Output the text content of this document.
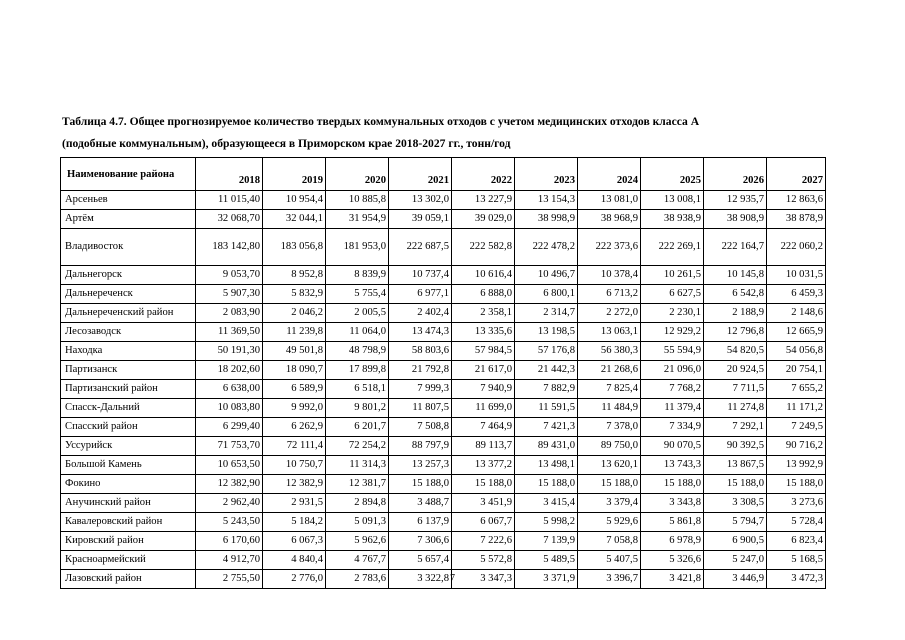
Таблица 4.7. Общее прогнозируемое количество твердых коммунальных отходов с учетом медицинских отходов класса А
(подобные коммунальным), образующееся в Приморском крае 2018-2027 гг., тонн/год
Наименование района	2018	2019	2020	2021	2022	2023	2024	2025	2026	2027
Арсеньев	11 015,40	10 954,4	10 885,8	13 302,0	13 227,9	13 154,3	13 081,0	13 008,1	12 935,7	12 863,6
Артём	32 068,70	32 044,1	31 954,9	39 059,1	39 029,0	38 998,9	38 968,9	38 938,9	38 908,9	38 878,9
Владивосток	183 142,80	183 056,8	181 953,0	222 687,5	222 582,8	222 478,2	222 373,6	222 269,1	222 164,7	222 060,2
Дальнегорск	9 053,70	8 952,8	8 839,9	10 737,4	10 616,4	10 496,7	10 378,4	10 261,5	10 145,8	10 031,5
Дальнереченск	5 907,30	5 832,9	5 755,4	6 977,1	6 888,0	6 800,1	6 713,2	6 627,5	6 542,8	6 459,3
Дальнереченский район	2 083,90	2 046,2	2 005,5	2 402,4	2 358,1	2 314,7	2 272,0	2 230,1	2 188,9	2 148,6
Лесозаводск	11 369,50	11 239,8	11 064,0	13 474,3	13 335,6	13 198,5	13 063,1	12 929,2	12 796,8	12 665,9
Находка	50 191,30	49 501,8	48 798,9	58 803,6	57 984,5	57 176,8	56 380,3	55 594,9	54 820,5	54 056,8
Партизанск	18 202,60	18 090,7	17 899,8	21 792,8	21 617,0	21 442,3	21 268,6	21 096,0	20 924,5	20 754,1
Партизанский район	6 638,00	6 589,9	6 518,1	7 999,3	7 940,9	7 882,9	7 825,4	7 768,2	7 711,5	7 655,2
Спасск-Дальний	10 083,80	9 992,0	9 801,2	11 807,5	11 699,0	11 591,5	11 484,9	11 379,4	11 274,8	11 171,2
Спасский район	6 299,40	6 262,9	6 201,7	7 508,8	7 464,9	7 421,3	7 378,0	7 334,9	7 292,1	7 249,5
Уссурийск	71 753,70	72 111,4	72 254,2	88 797,9	89 113,7	89 431,0	89 750,0	90 070,5	90 392,5	90 716,2
Большой Камень	10 653,50	10 750,7	11 314,3	13 257,3	13 377,2	13 498,1	13 620,1	13 743,3	13 867,5	13 992,9
Фокино	12 382,90	12 382,9	12 381,7	15 188,0	15 188,0	15 188,0	15 188,0	15 188,0	15 188,0	15 188,0
Анучинский район	2 962,40	2 931,5	2 894,8	3 488,7	3 451,9	3 415,4	3 379,4	3 343,8	3 308,5	3 273,6
Кавалеровский район	5 243,50	5 184,2	5 091,3	6 137,9	6 067,7	5 998,2	5 929,6	5 861,8	5 794,7	5 728,4
Кировский район	6 170,60	6 067,3	5 962,6	7 306,6	7 222,6	7 139,9	7 058,8	6 978,9	6 900,5	6 823,4
Красноармейский	4 912,70	4 840,4	4 767,7	5 657,4	5 572,8	5 489,5	5 407,5	5 326,6	5 247,0	5 168,5
Лазовский район	2 755,50	2 776,0	2 783,6	3 322,8	3 347,3	3 371,9	3 396,7	3 421,8	3 446,9	3 472,3
7
